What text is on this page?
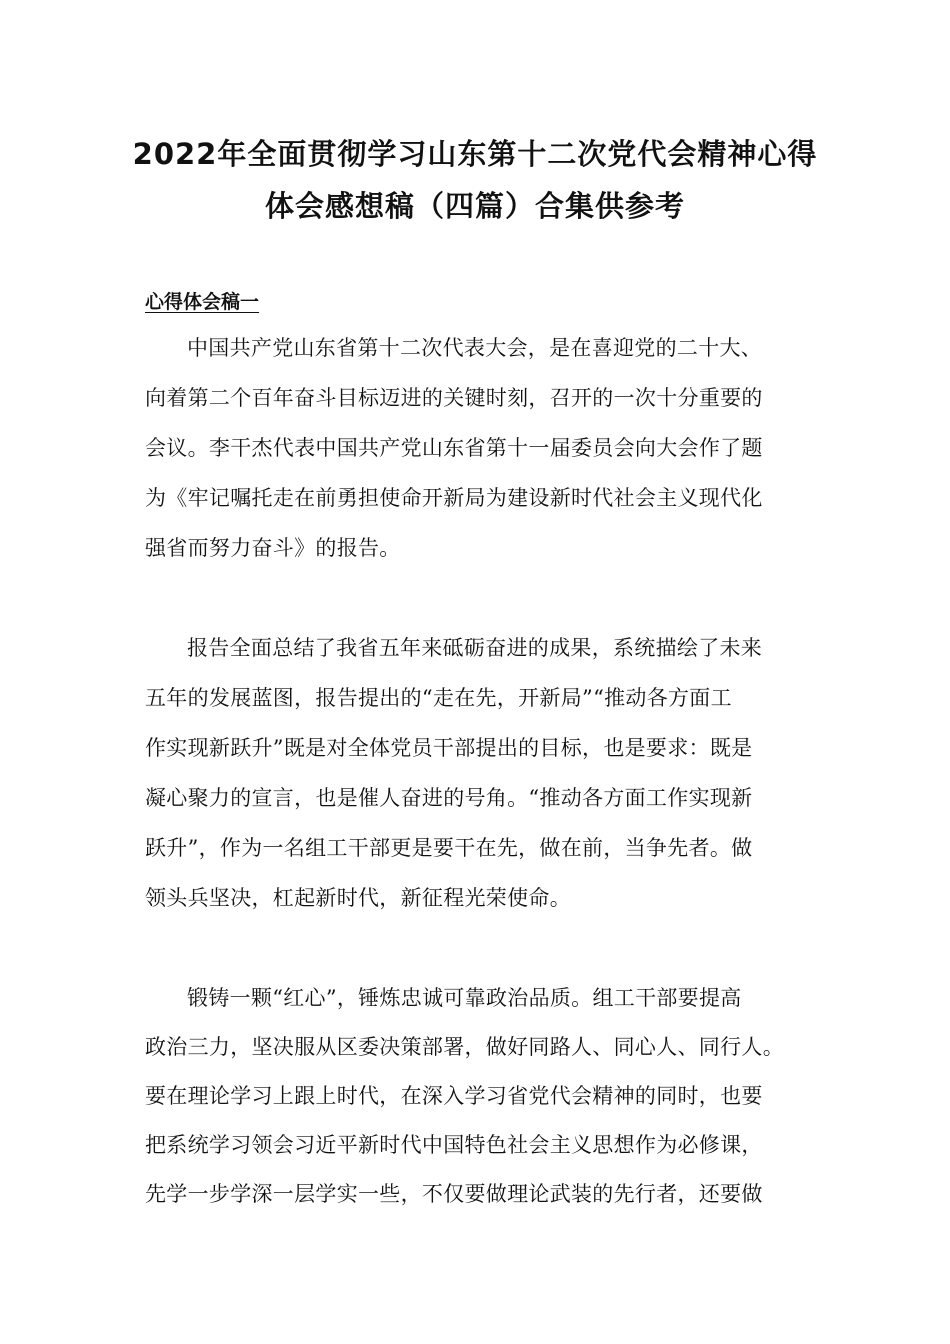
2022年全面贯彻学习山东第十二次党代会精神心得
体会感想稿（四篇）合集供参考
心得体会稿一
中国共产党山东省第十二次代表大会，是在喜迎党的二十大、
向着第二个百年奋斗目标迈进的关键时刻，召开的一次十分重要的
会议。李干杰代表中国共产党山东省第十一届委员会向大会作了题
为《牢记嘱托走在前勇担使命开新局为建设新时代社会主义现代化
强省而努力奋斗》的报告。
报告全面总结了我省五年来砥砺奋进的成果，系统描绘了未来
五年的发展蓝图，报告提出的“走在先，开新局”“推动各方面工
作实现新跃升”既是对全体党员干部提出的目标，也是要求：既是
凝心聚力的宣言，也是催人奋进的号角。“推动各方面工作实现新
跃升”，作为一名组工干部更是要干在先，做在前，当争先者。做
领头兵坚决，杠起新时代，新征程光荣使命。
锻铸一颗“红心”，锤炼忠诚可靠政治品质。组工干部要提高
政治三力，坚决服从区委决策部署，做好同路人、同心人、同行人。
要在理论学习上跟上时代，在深入学习省党代会精神的同时，也要
把系统学习领会习近平新时代中国特色社会主义思想作为必修课，
先学一步学深一层学实一些，不仅要做理论武装的先行者，还要做
